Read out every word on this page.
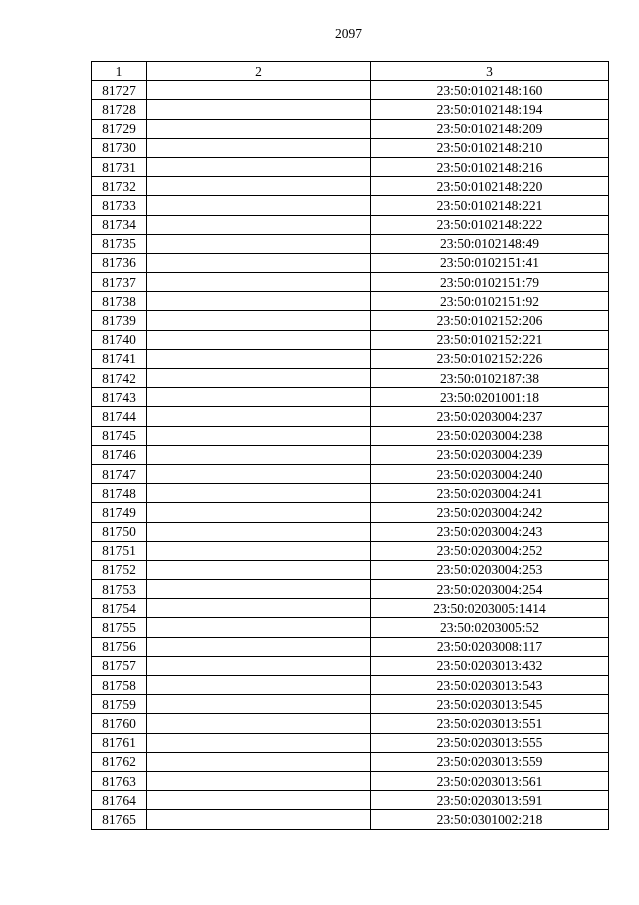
2097
1	2	3
81727		23:50:0102148:160
81728		23:50:0102148:194
81729		23:50:0102148:209
81730		23:50:0102148:210
81731		23:50:0102148:216
81732		23:50:0102148:220
81733		23:50:0102148:221
81734		23:50:0102148:222
81735		23:50:0102148:49
81736		23:50:0102151:41
81737		23:50:0102151:79
81738		23:50:0102151:92
81739		23:50:0102152:206
81740		23:50:0102152:221
81741		23:50:0102152:226
81742		23:50:0102187:38
81743		23:50:0201001:18
81744		23:50:0203004:237
81745		23:50:0203004:238
81746		23:50:0203004:239
81747		23:50:0203004:240
81748		23:50:0203004:241
81749		23:50:0203004:242
81750		23:50:0203004:243
81751		23:50:0203004:252
81752		23:50:0203004:253
81753		23:50:0203004:254
81754		23:50:0203005:1414
81755		23:50:0203005:52
81756		23:50:0203008:117
81757		23:50:0203013:432
81758		23:50:0203013:543
81759		23:50:0203013:545
81760		23:50:0203013:551
81761		23:50:0203013:555
81762		23:50:0203013:559
81763		23:50:0203013:561
81764		23:50:0203013:591
81765		23:50:0301002:218
